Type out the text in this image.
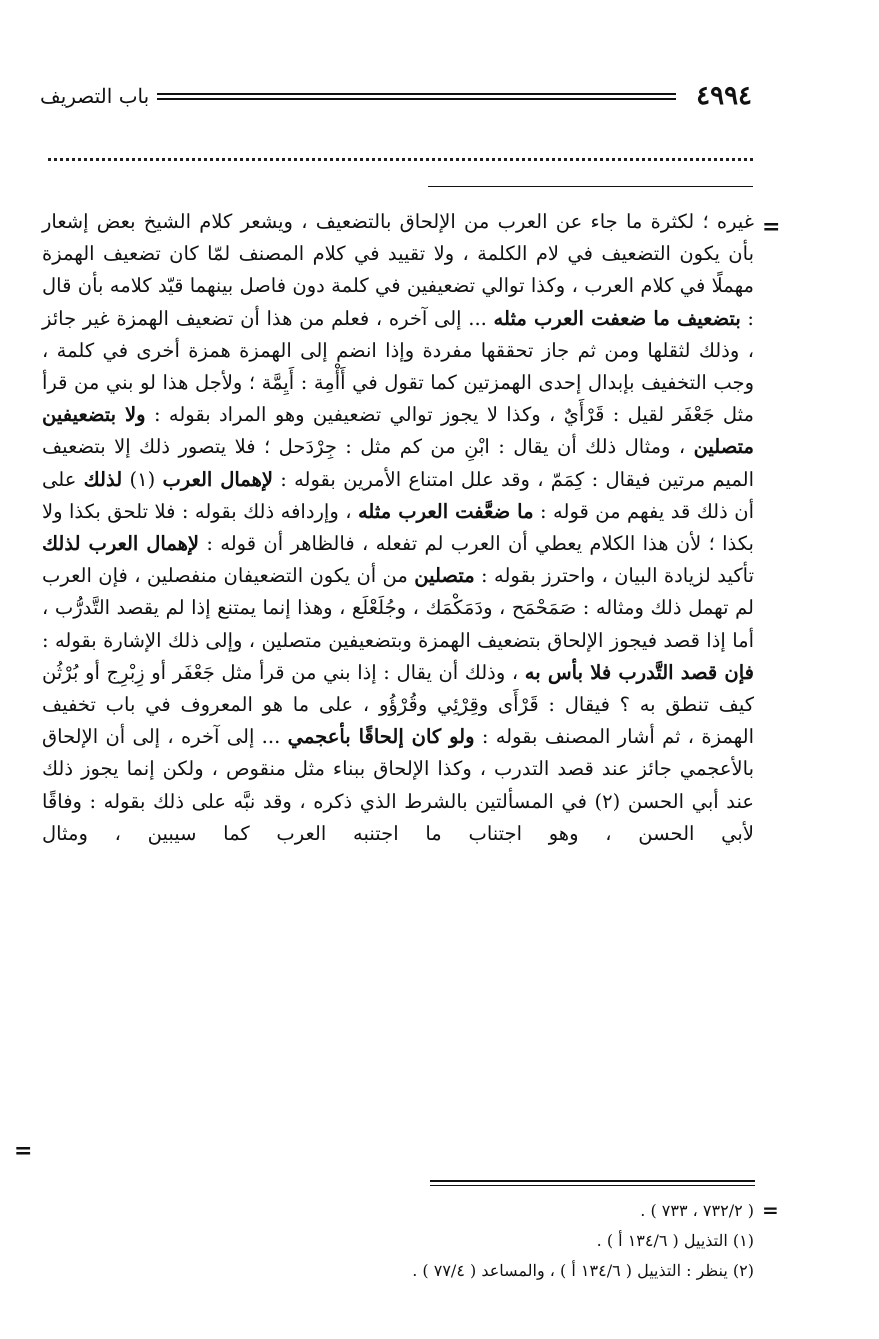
٤٩٩٤
باب التصريف
=

غيره ؛ لكثرة ما جاء عن العرب من الإلحاق بالتضعيف ، ويشعر كلام الشيخ بعض إشعار بأن يكون التضعيف في لام الكلمة ، ولا تقييد في كلام المصنف لمّا كان تضعيف الهمزة مهملًا في كلام العرب ، وكذا توالي تضعيفين في كلمة دون فاصل بينهما قيّد كلامه بأن قال : بتضعيف ما ضعفت العرب مثله ... إلى آخره ، فعلم من هذا أن تضعيف الهمزة غير جائز ، وذلك لثقلها ومن ثم جاز تحققها مفردة وإذا انضم إلى الهمزة همزة أخرى في كلمة ، وجب التخفيف بإبدال إحدى الهمزتين كما تقول في أَأْمِة : أَيِمَّة ؛ ولأجل هذا لو بني من قرأ مثل جَعْفَر لقيل : قَرْأَيٌ ، وكذا لا يجوز توالي تضعيفين وهو المراد بقوله : ولا بتضعيفين متصلين ، ومثال ذلك أن يقال : ابْنِ من كم مثل : جِرْدَحل ؛ فلا يتصور ذلك إلا بتضعيف الميم مرتين فيقال : كِمَمّ ، وقد علل امتناع الأمرين بقوله : لإهمال العرب (١) لذلك على أن ذلك قد يفهم من قوله : ما ضعَّفت العرب مثله ، وإردافه ذلك بقوله : فلا تلحق بكذا ولا بكذا ؛ لأن هذا الكلام يعطي أن العرب لم تفعله ، فالظاهر أن قوله : لإهمال العرب لذلك تأكيد لزيادة البيان ، واحترز بقوله : متصلين من أن يكون التضعيفان منفصلين ، فإن العرب لم تهمل ذلك ومثاله : صَمَحْمَح ، ودَمَكْمَك ، وجُلَعْلَع ، وهذا إنما يمتنع إذا لم يقصد التَّدرُّب ، أما إذا قصد فيجوز الإلحاق بتضعيف الهمزة وبتضعيفين متصلين ، وإلى ذلك الإشارة بقوله : فإن قصد التَّدرب فلا بأس به ، وذلك أن يقال : إذا بني من قرأ مثل جَعْفَر أو زِبْرِج أو بُرْثُن كيف تنطق به ؟ فيقال : قَرْأَى وقِرْئِي وقُرْؤُو ، على ما هو المعروف في باب تخفيف الهمزة ، ثم أشار المصنف بقوله : ولو كان إلحاقًا بأعجمي ... إلى آخره ، إلى أن الإلحاق بالأعجمي جائز عند قصد التدرب ، وكذا الإلحاق ببناء مثل منقوص ، ولكن إنما يجوز ذلك عند أبي الحسن (٢) في المسألتين بالشرط الذي ذكره ، وقد نبَّه على ذلك بقوله : وفاقًا لأبي الحسن ، وهو اجتناب ما اجتنبه العرب كما سيبين ، ومثال

=
=
( ٧٣٢/٢ ، ٧٣٣ ) .
(١) التذييل ( ١٣٤/٦ أ ) .
(٢) ينظر : التذييل ( ١٣٤/٦ أ ) ، والمساعد ( ٧٧/٤ ) .
